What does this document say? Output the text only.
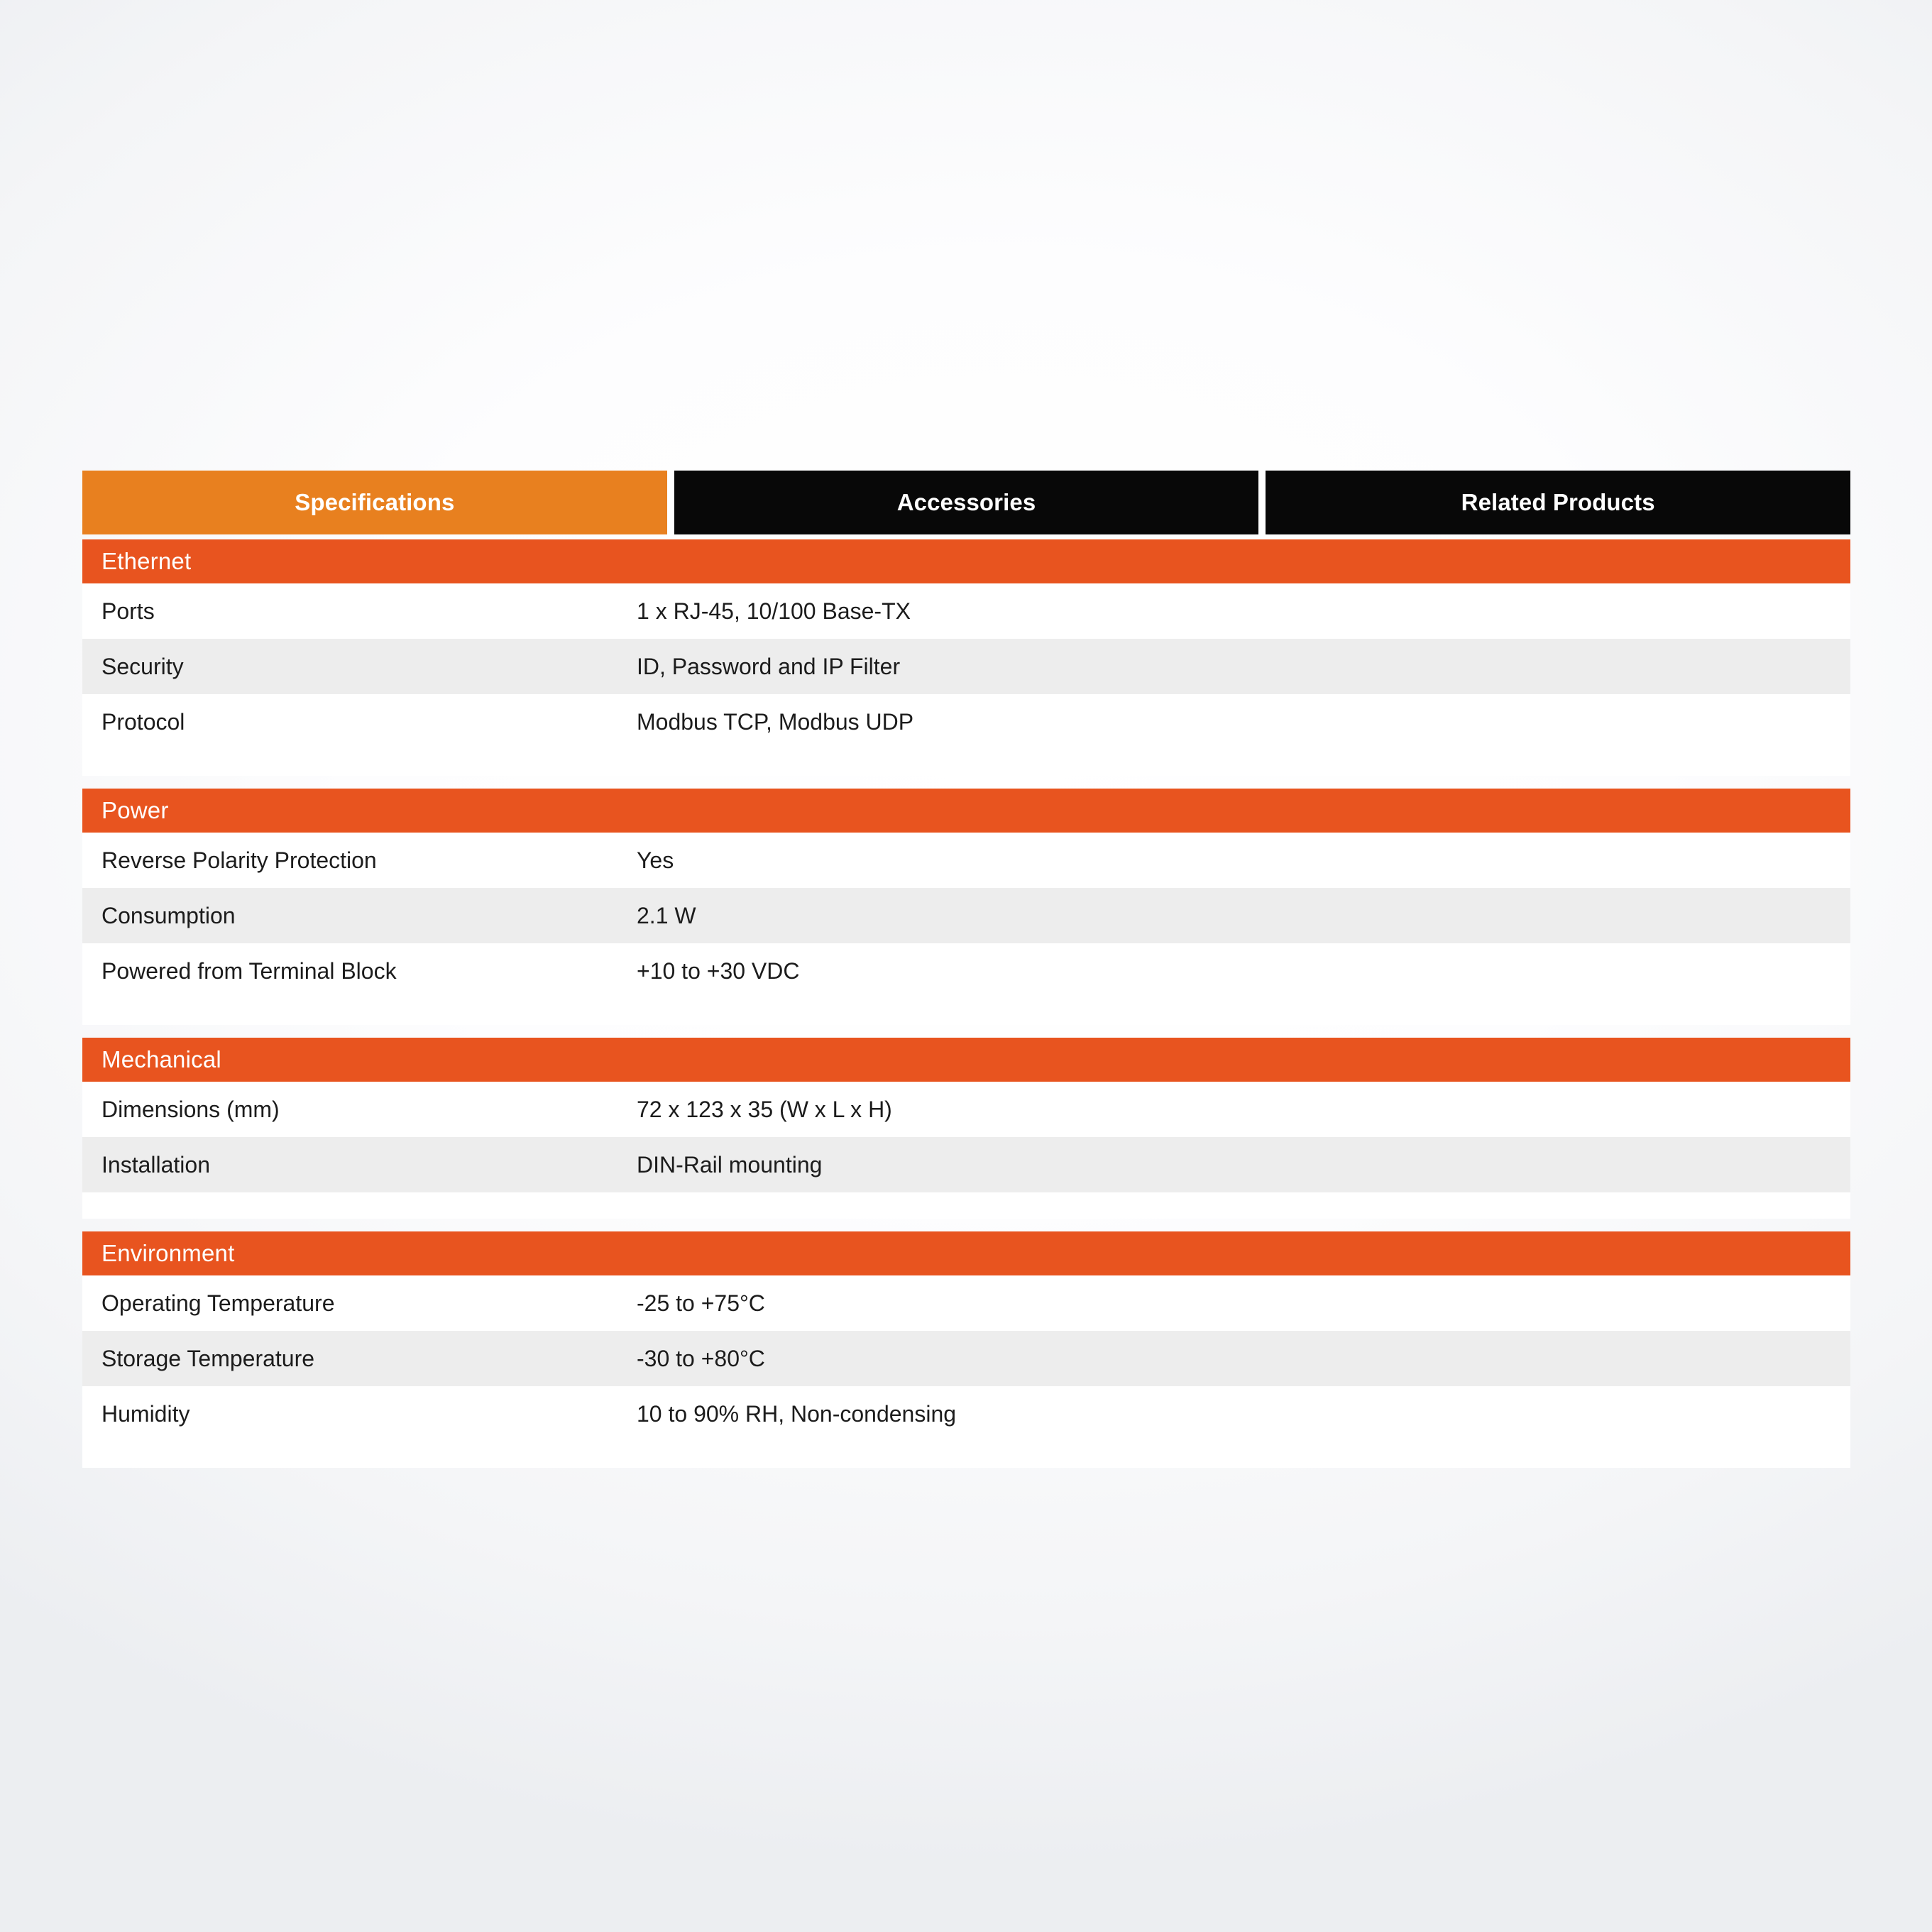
Specifications	Accessories	Related Products
Ethernet
Ports	1 x RJ-45, 10/100 Base-TX
Security	ID, Password and IP Filter
Protocol	Modbus TCP, Modbus UDP
Power
Reverse Polarity Protection	Yes
Consumption	2.1 W
Powered from Terminal Block	+10 to +30 VDC
Mechanical
Dimensions (mm)	72 x 123 x 35 (W x L x H)
Installation	DIN-Rail mounting
Environment
Operating Temperature	-25 to +75°C
Storage Temperature	-30 to +80°C
Humidity	10 to 90% RH, Non-condensing
